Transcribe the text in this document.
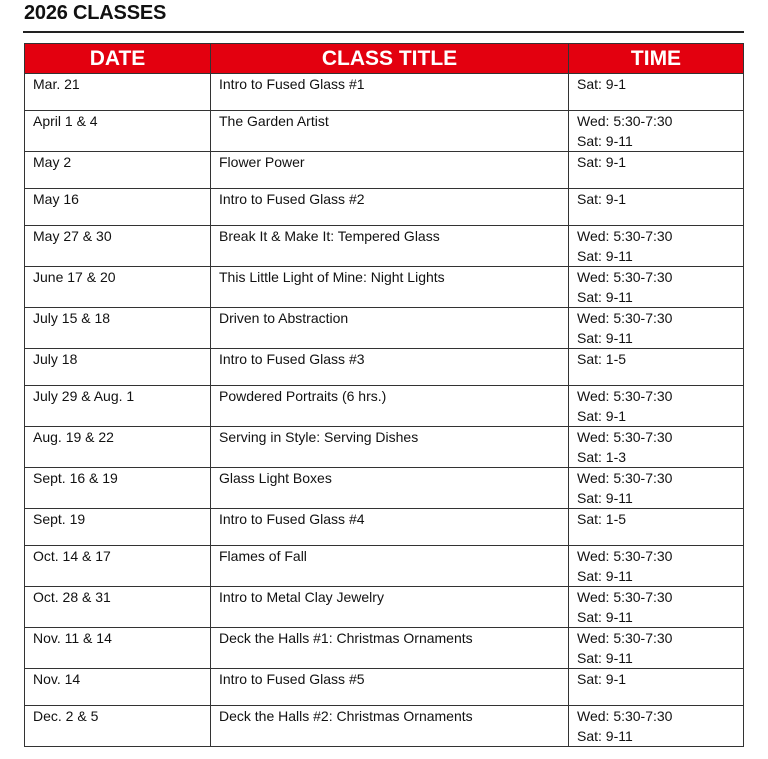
2026 CLASSES
DATE	CLASS TITLE	TIME
Mar. 21	Intro to Fused Glass #1	Sat: 9-1

April 1 & 4	The Garden Artist	Wed: 5:30-7:30
Sat: 9-11

May 2	Flower Power	Sat: 9-1

May 16	Intro to Fused Glass #2	Sat: 9-1

May 27 & 30	Break It & Make It: Tempered Glass	Wed: 5:30-7:30
Sat: 9-11

June 17 & 20	This Little Light of Mine: Night Lights	Wed: 5:30-7:30
Sat: 9-11

July 15 & 18	Driven to Abstraction	Wed: 5:30-7:30
Sat: 9-11

July 18	Intro to Fused Glass #3	Sat: 1-5

July 29 & Aug. 1	Powdered Portraits (6 hrs.)	Wed: 5:30-7:30
Sat: 9-1

Aug. 19 & 22	Serving in Style: Serving Dishes	Wed: 5:30-7:30
Sat: 1-3

Sept. 16 & 19	Glass Light Boxes	Wed: 5:30-7:30
Sat: 9-11

Sept. 19	Intro to Fused Glass #4	Sat: 1-5

Oct. 14 & 17	Flames of Fall	Wed: 5:30-7:30
Sat: 9-11

Oct. 28 & 31	Intro to Metal Clay Jewelry	Wed: 5:30-7:30
Sat: 9-11

Nov. 11 & 14	Deck the Halls #1: Christmas Ornaments	Wed: 5:30-7:30
Sat: 9-11

Nov. 14	Intro to Fused Glass #5	Sat: 9-1

Dec. 2 & 5	Deck the Halls #2: Christmas Ornaments	Wed: 5:30-7:30
Sat: 9-11
